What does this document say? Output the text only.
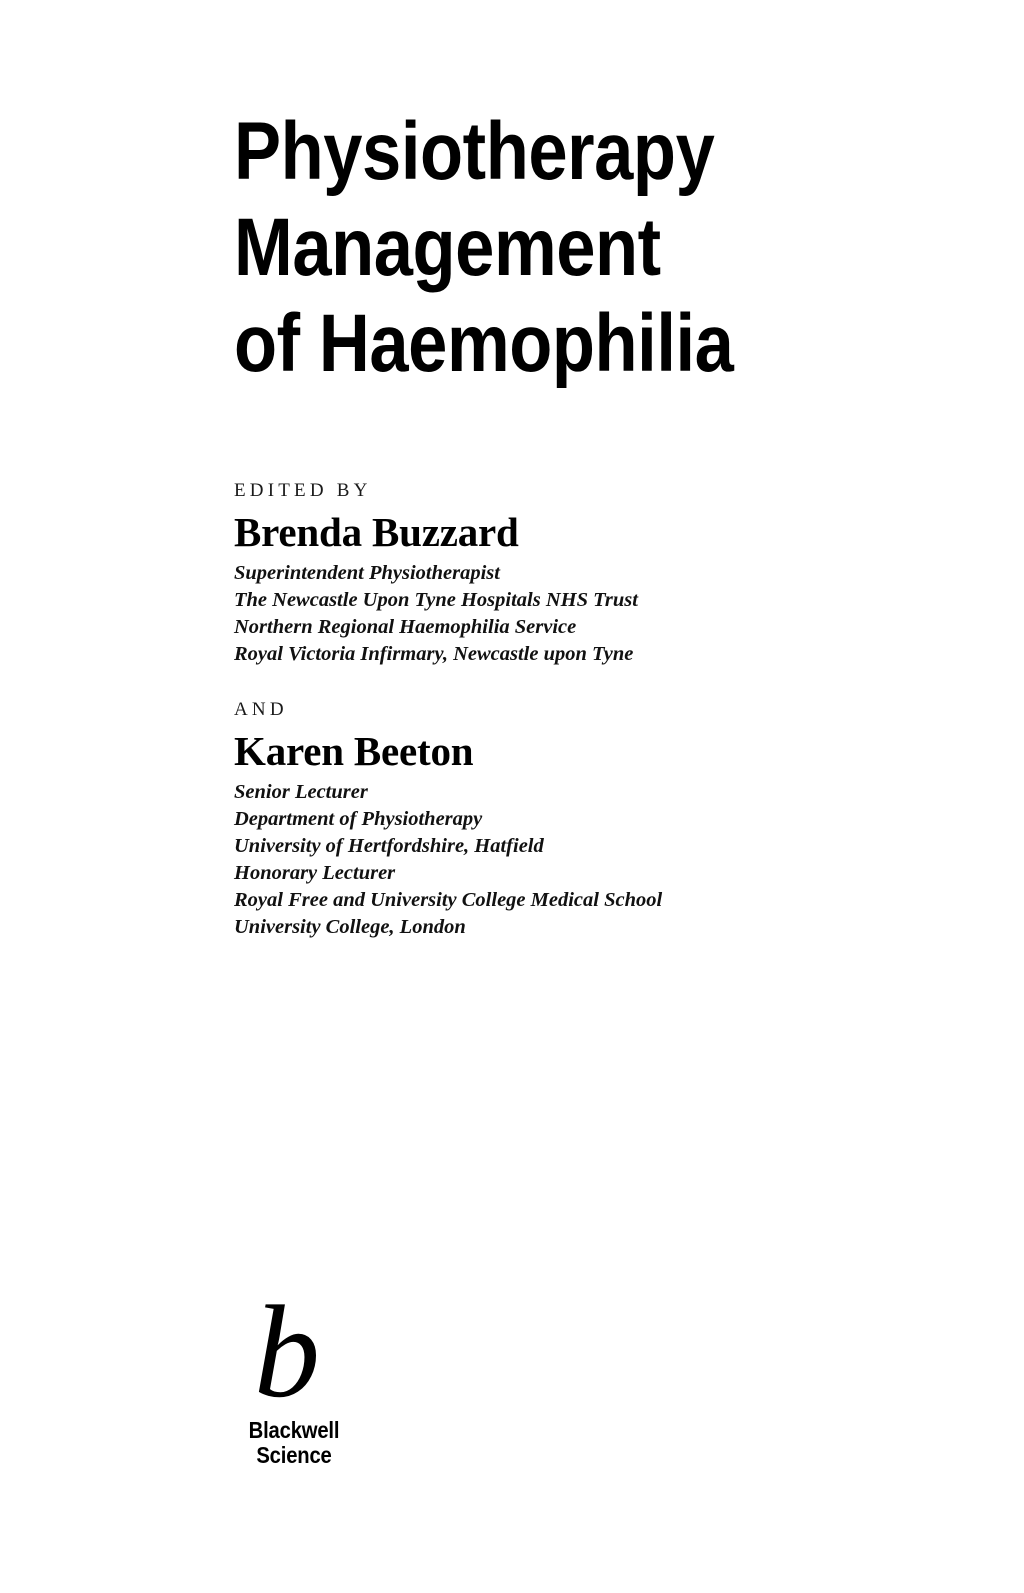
Physiotherapy
Management
of Haemophilia
EDITED BY
Brenda Buzzard
Superintendent Physiotherapist
The Newcastle Upon Tyne Hospitals NHS Trust
Northern Regional Haemophilia Service
Royal Victoria Infirmary, Newcastle upon Tyne
AND
Karen Beeton
Senior Lecturer
Department of Physiotherapy
University of Hertfordshire, Hatfield
Honorary Lecturer
Royal Free and University College Medical School
University College, London
b
Blackwell
Science
